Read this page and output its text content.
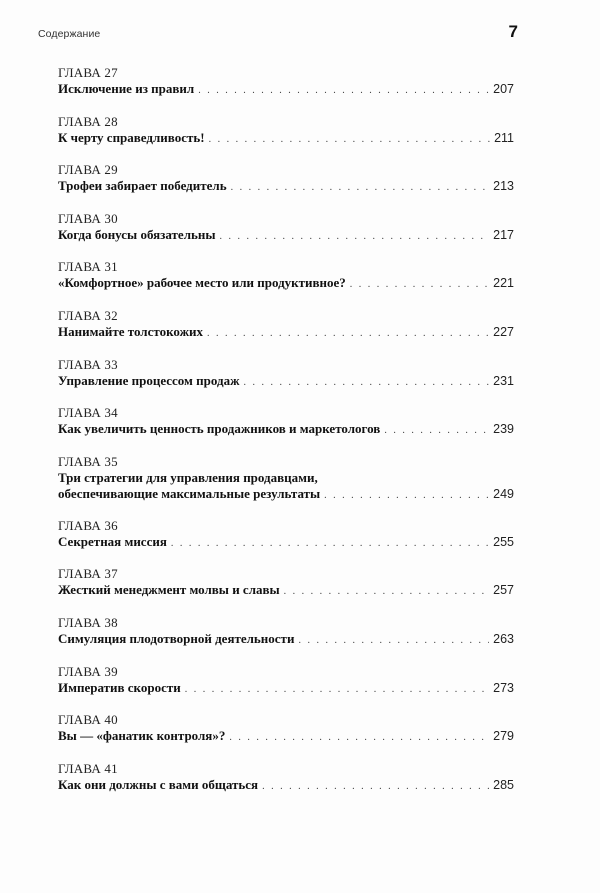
Содержание	7
ГЛАВА 27
Исключение из правил . . .	207
ГЛАВА 28
К черту справедливость! . . .	211
ГЛАВА 29
Трофеи забирает победитель . . .	213
ГЛАВА 30
Когда бонусы обязательны . . .	217
ГЛАВА 31
«Комфортное» рабочее место или продуктивное? . . .	221
ГЛАВА 32
Нанимайте толстокожих . . .	227
ГЛАВА 33
Управление процессом продаж . . .	231
ГЛАВА 34
Как увеличить ценность продажников и маркетологов . . .	239
ГЛАВА 35
Три стратегии для управления продавцами,
обеспечивающие максимальные результаты . . .	249
ГЛАВА 36
Секретная миссия . . .	255
ГЛАВА 37
Жесткий менеджмент молвы и славы . . .	257
ГЛАВА 38
Симуляция плодотворной деятельности . . .	263
ГЛАВА 39
Императив скорости . . .	273
ГЛАВА 40
Вы — «фанатик контроля»? . . .	279
ГЛАВА 41
Как они должны с вами общаться . . .	285
